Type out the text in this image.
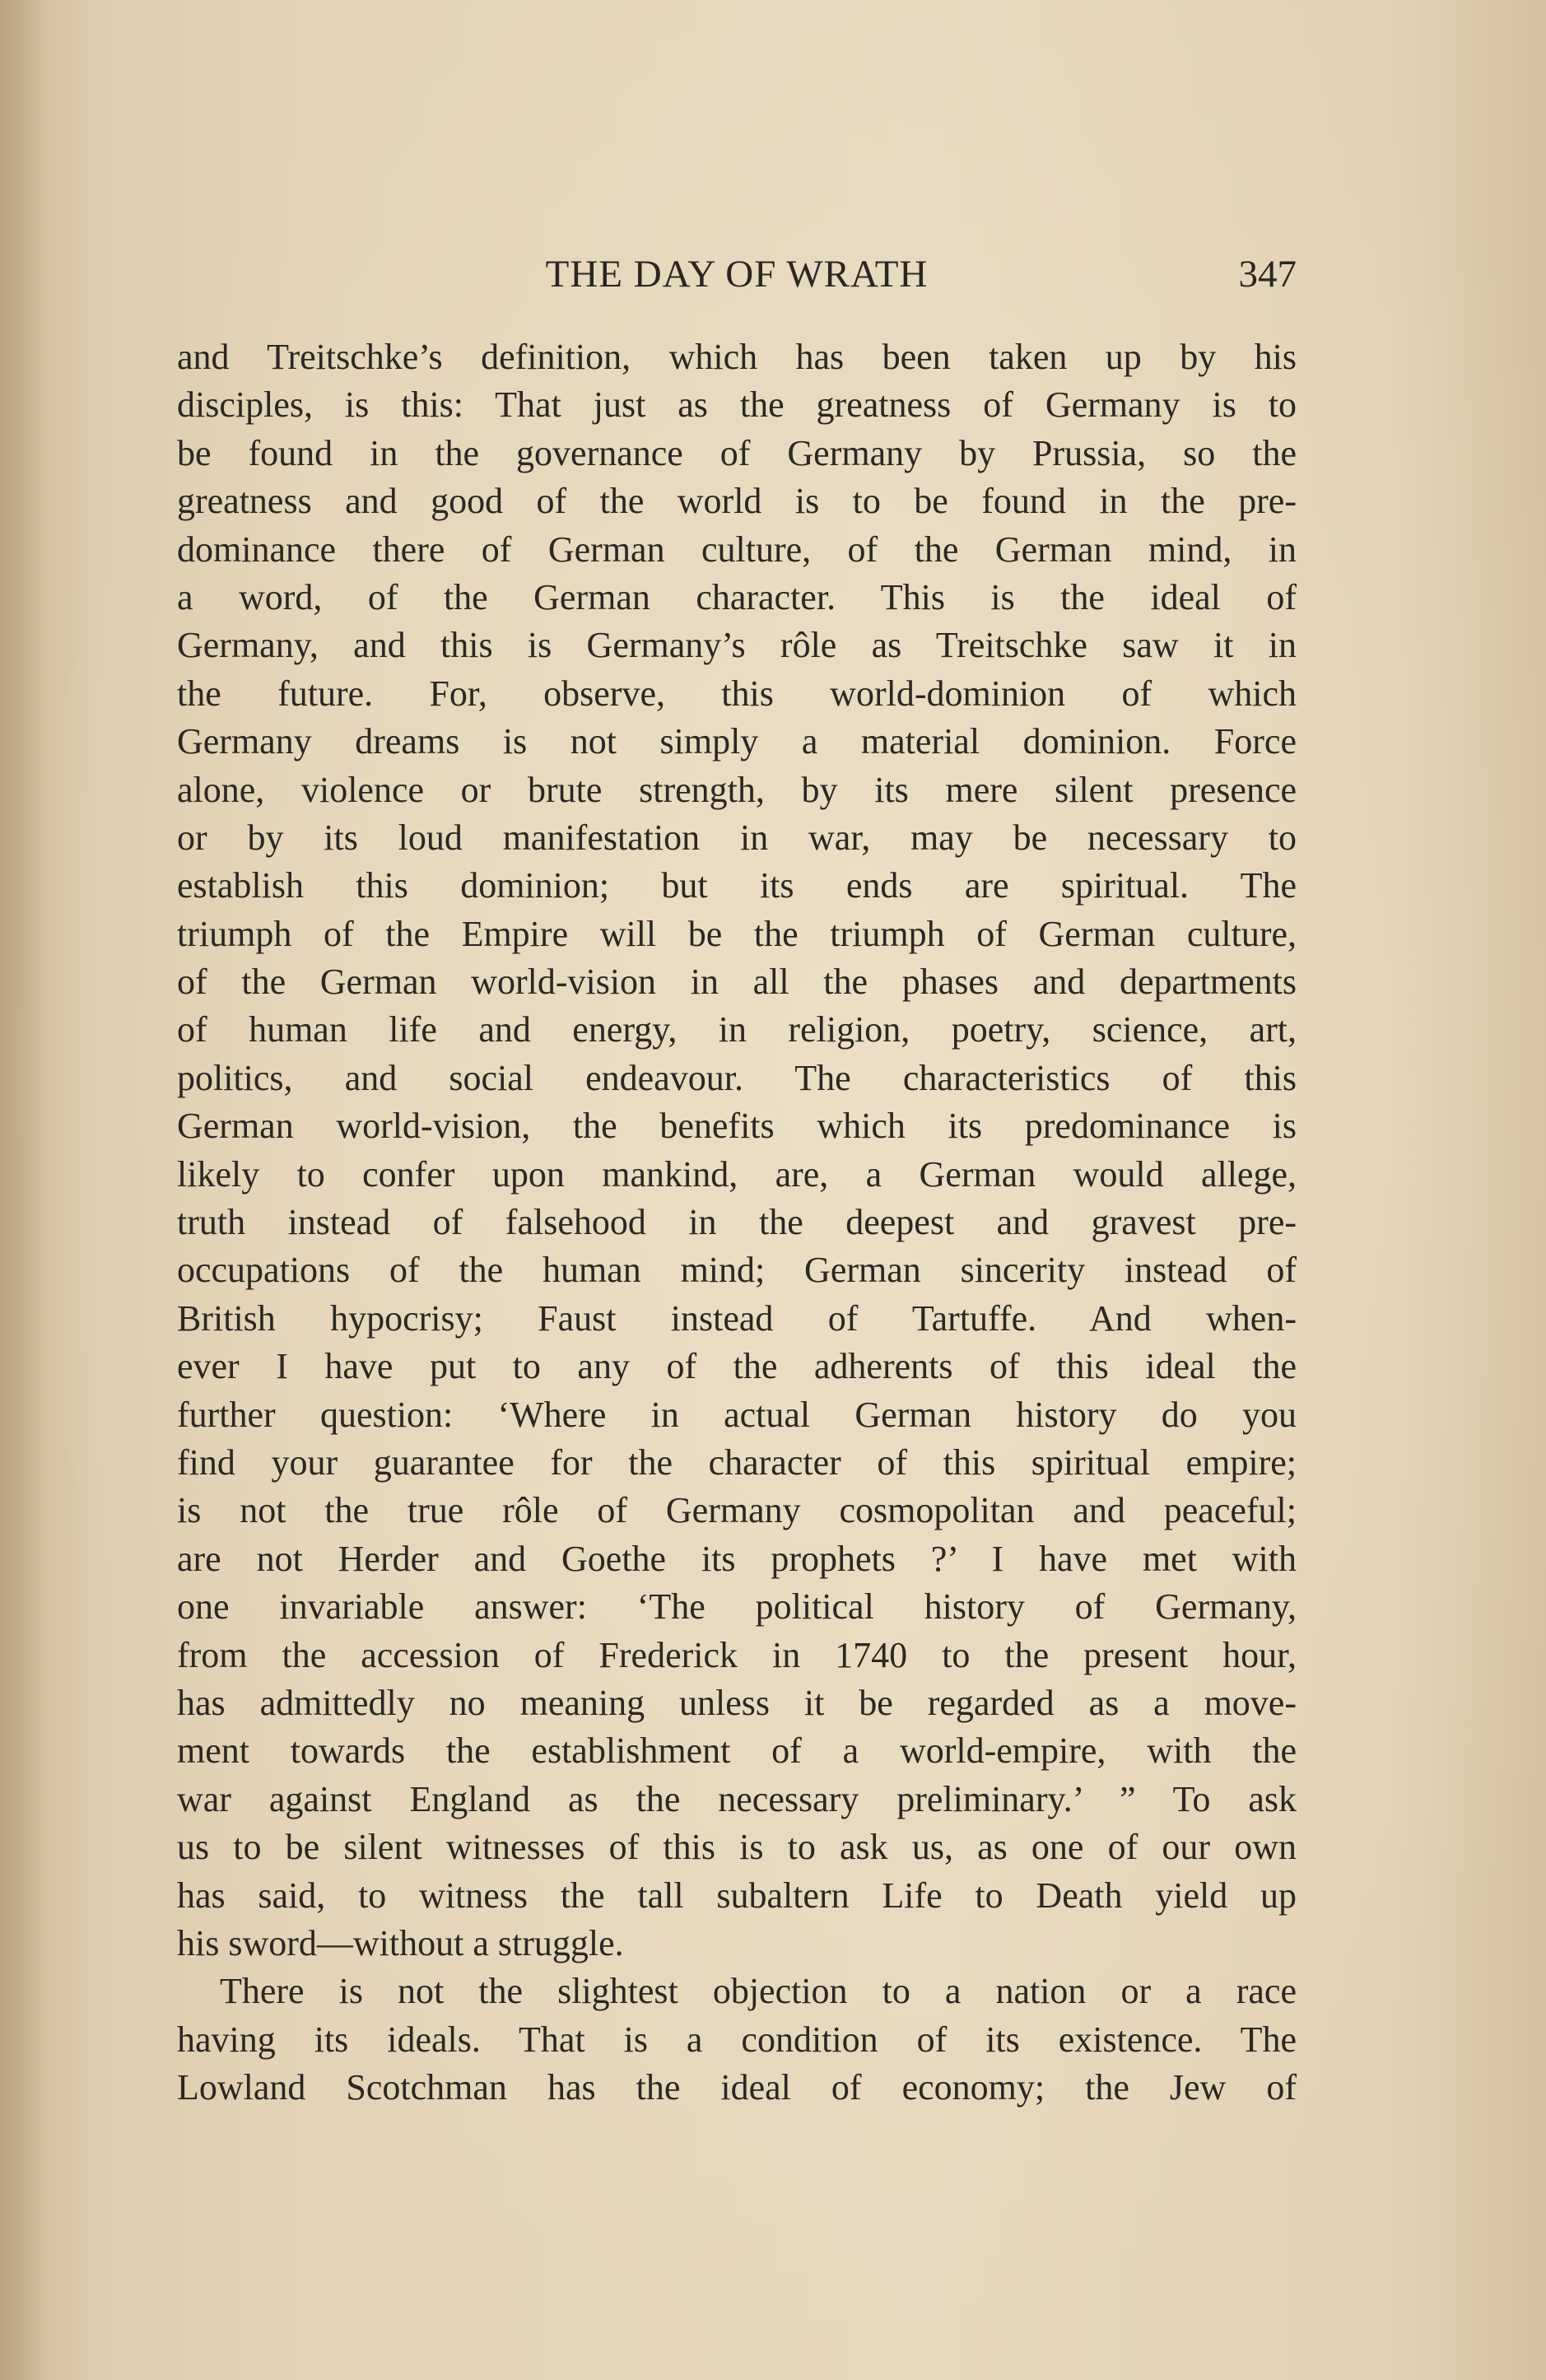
THE DAY OF WRATH	347
and Treitschke’s definition, which has been taken up by his
disciples, is this: That just as the greatness of Germany is to
be found in the governance of Germany by Prussia, so the
greatness and good of the world is to be found in the pre-
dominance there of German culture, of the German mind, in
a word, of the German character. This is the ideal of
Germany, and this is Germany’s rôle as Treitschke saw it in
the future. For, observe, this world-dominion of which
Germany dreams is not simply a material dominion. Force
alone, violence or brute strength, by its mere silent presence
or by its loud manifestation in war, may be necessary to
establish this dominion; but its ends are spiritual. The
triumph of the Empire will be the triumph of German culture,
of the German world-vision in all the phases and departments
of human life and energy, in religion, poetry, science, art,
politics, and social endeavour. The characteristics of this
German world-vision, the benefits which its predominance is
likely to confer upon mankind, are, a German would allege,
truth instead of falsehood in the deepest and gravest pre-
occupations of the human mind; German sincerity instead of
British hypocrisy; Faust instead of Tartuffe. And when-
ever I have put to any of the adherents of this ideal the
further question: ‘Where in actual German history do you
find your guarantee for the character of this spiritual empire;
is not the true rôle of Germany cosmopolitan and peaceful;
are not Herder and Goethe its prophets ?’ I have met with
one invariable answer: ‘The political history of Germany,
from the accession of Frederick in 1740 to the present hour,
has admittedly no meaning unless it be regarded as a move-
ment towards the establishment of a world-empire, with the
war against England as the necessary preliminary.’ ” To ask
us to be silent witnesses of this is to ask us, as one of our own
has said, to witness the tall subaltern Life to Death yield up
his sword—without a struggle.
There is not the slightest objection to a nation or a race
having its ideals. That is a condition of its existence. The
Lowland Scotchman has the ideal of economy; the Jew of
